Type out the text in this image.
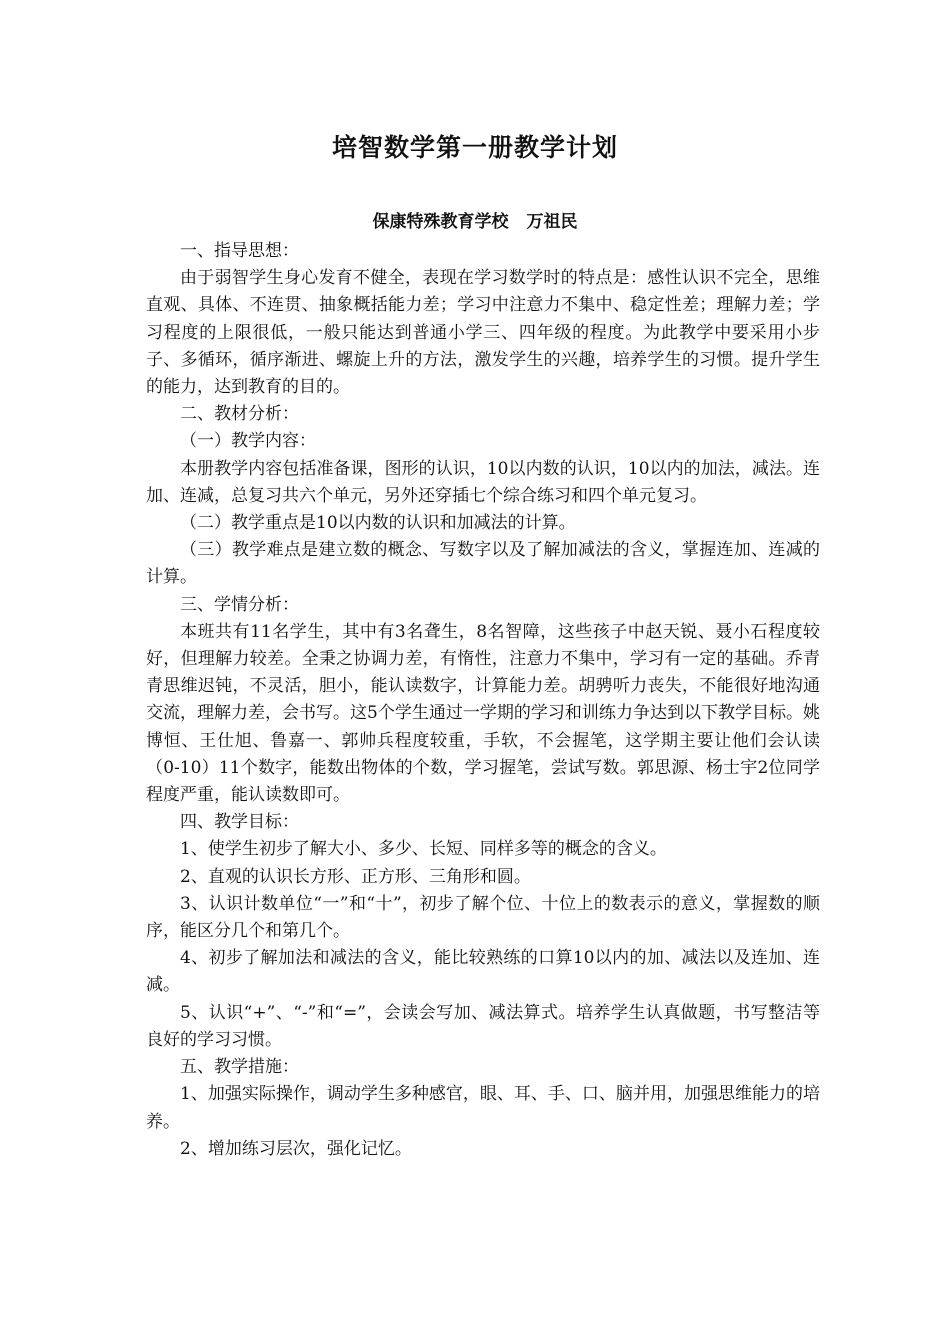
培智数学第一册教学计划
保康特殊教育学校 万祖民

一、指导思想：

由于弱智学生身心发育不健全，表现在学习数学时的特点是：感性认识不完全，思维直观、具体、不连贯、抽象概括能力差；学习中注意力不集中、稳定性差；理解力差；学习程度的上限很低，一般只能达到普通小学三、四年级的程度。为此教学中要采用小步子、多循环，循序渐进、螺旋上升的方法，激发学生的兴趣，培养学生的习惯。提升学生的能力，达到教育的目的。

二、教材分析：

（一）教学内容：

本册教学内容包括准备课，图形的认识，10以内数的认识，10以内的加法，减法。连加、连减，总复习共六个单元，另外还穿插七个综合练习和四个单元复习。

（二）教学重点是10以内数的认识和加减法的计算。

（三）教学难点是建立数的概念、写数字以及了解加减法的含义，掌握连加、连减的计算。

三、学情分析：

本班共有11名学生，其中有3名聋生，8名智障，这些孩子中赵天锐、聂小石程度较好，但理解力较差。全秉之协调力差，有惰性，注意力不集中，学习有一定的基础。乔青青思维迟钝，不灵活，胆小，能认读数字，计算能力差。胡骋听力丧失，不能很好地沟通交流，理解力差，会书写。这5个学生通过一学期的学习和训练力争达到以下教学目标。姚博恒、王仕旭、鲁嘉一、郭帅兵程度较重，手软，不会握笔，这学期主要让他们会认读（0-10）11个数字，能数出物体的个数，学习握笔，尝试写数。郭思源、杨士宇2位同学程度严重，能认读数即可。

四、教学目标：

1、使学生初步了解大小、多少、长短、同样多等的概念的含义。

2、直观的认识长方形、正方形、三角形和圆。

3、认识计数单位“一”和“十”，初步了解个位、十位上的数表示的意义，掌握数的顺序，能区分几个和第几个。

4、初步了解加法和减法的含义，能比较熟练的口算10以内的加、减法以及连加、连减。

5、认识“+”、“-”和“=”，会读会写加、减法算式。培养学生认真做题，书写整洁等良好的学习习惯。

五、教学措施：

1、加强实际操作，调动学生多种感官，眼、耳、手、口、脑并用，加强思维能力的培养。

2、增加练习层次，强化记忆。
